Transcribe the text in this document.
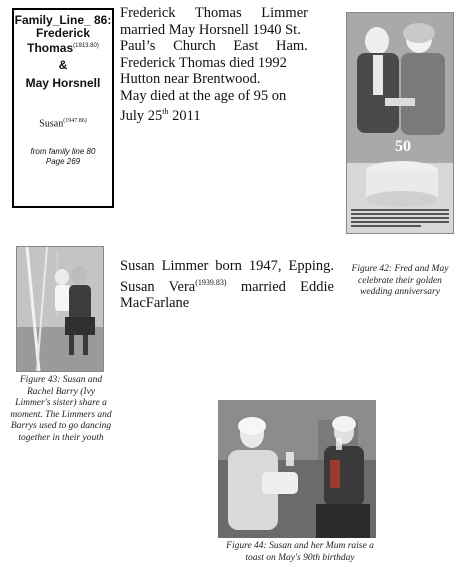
Family_Line_ 86:
Frederick
Thomas$^{(1913.80)}$
&
May Horsnell
Susan$^{(1947.86)}$
from family line 80
Page 269
Frederick Thomas Limmer
married May Horsnell 1940 St.
Paul’s Church East Ham.
Frederick Thomas died 1992
Hutton near Brentwood.
May died at the age of 95 on
July 25th 2011
50
Figure 42: Fred and May celebrate their golden wedding anniversary
Figure 43: Susan and Rachel Barry (Ivy Limmer's sister) share a moment. The Limmers and Barrys used to go dancing together in their youth
Susan Limmer born 1947, Epping. Susan Vera$^{(1939.83)}$ married Eddie MacFarlane
Figure 44: Susan and her Mum raise a toast on May's 90th birthday
